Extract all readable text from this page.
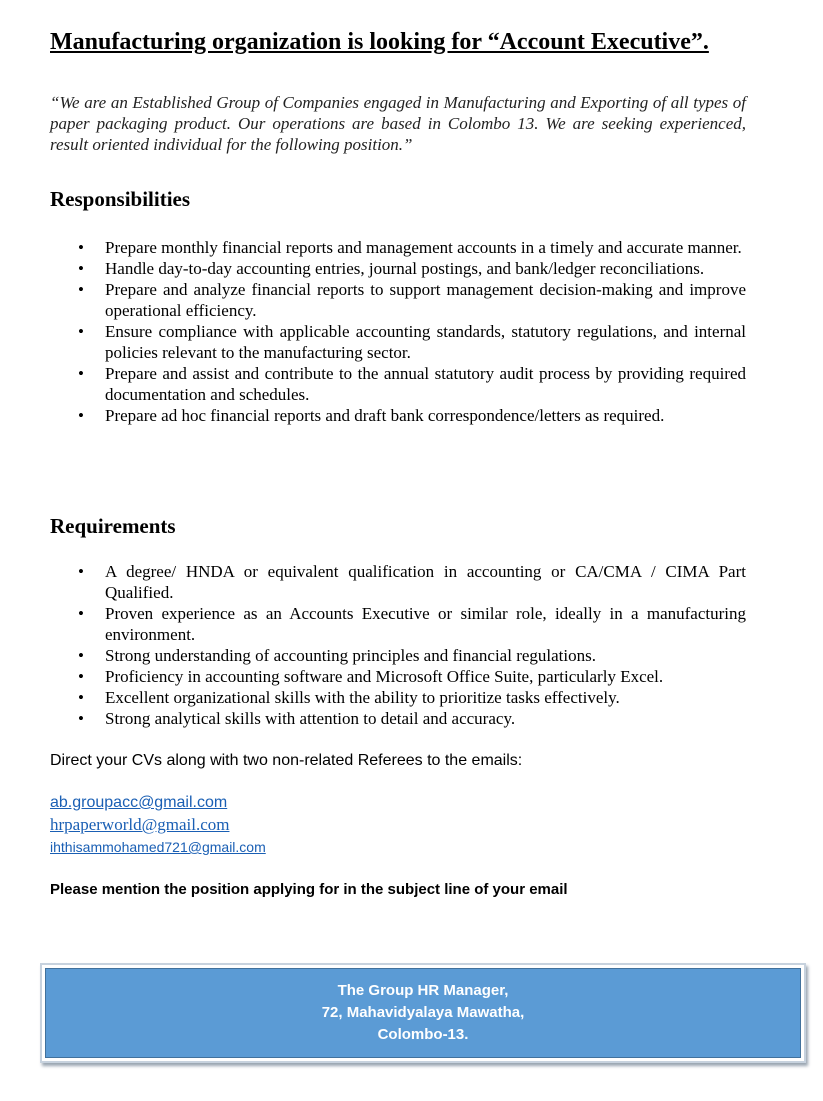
Manufacturing organization is looking for “Account Executive”.

“We are an Established Group of Companies engaged in Manufacturing and Exporting of all types of paper packaging product. Our operations are based in Colombo 13. We are seeking experienced, result oriented individual for the following position.”

Responsibilities
• Prepare monthly financial reports and management accounts in a timely and accurate manner.
• Handle day-to-day accounting entries, journal postings, and bank/ledger reconciliations.
• Prepare and analyze financial reports to support management decision-making and improve operational efficiency.
• Ensure compliance with applicable accounting standards, statutory regulations, and internal policies relevant to the manufacturing sector.
• Prepare and assist and contribute to the annual statutory audit process by providing required documentation and schedules.
• Prepare ad hoc financial reports and draft bank correspondence/letters as required.
Requirements
• A degree/ HNDA or equivalent qualification in accounting or CA/CMA / CIMA Part Qualified.
• Proven experience as an Accounts Executive or similar role, ideally in a manufacturing environment.
• Strong understanding of accounting principles and financial regulations.
• Proficiency in accounting software and Microsoft Office Suite, particularly Excel.
• Excellent organizational skills with the ability to prioritize tasks effectively.
• Strong analytical skills with attention to detail and accuracy.

Direct your CVs along with two non-related Referees to the emails:

ab.groupacc@gmail.com
hrpaperworld@gmail.com
ihthisammohamed721@gmail.com

Please mention the position applying for in the subject line of your email

The Group HR Manager,
72, Mahavidyalaya Mawatha,
Colombo-13.
